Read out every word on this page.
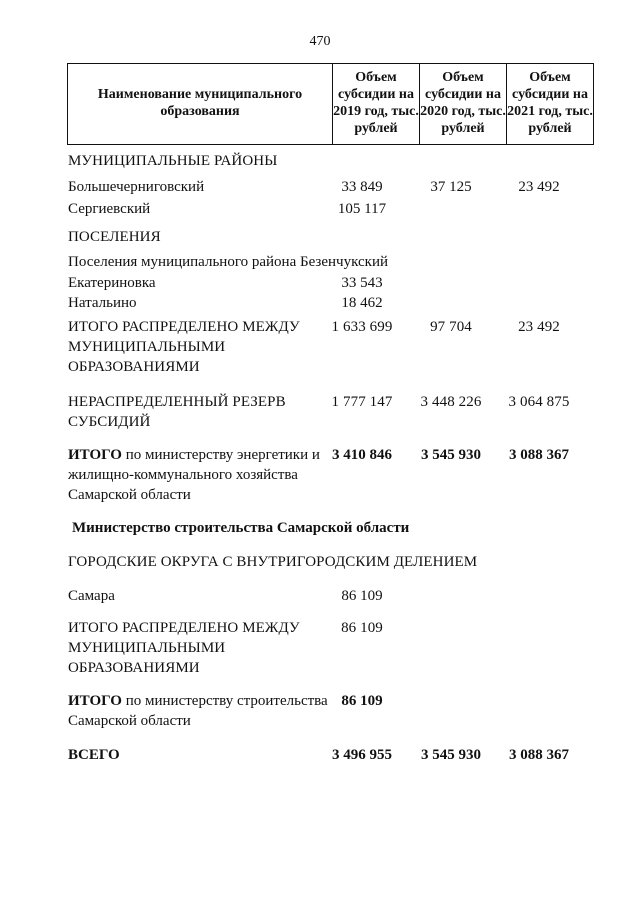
470
Наименование муниципального образования	Объем субсидии на 2019 год, тыс. рублей	Объем субсидии на 2020 год, тыс. рублей	Объем субсидии на 2021 год, тыс. рублей
МУНИЦИПАЛЬНЫЕ РАЙОНЫ
Большечерниговский	33 849	37 125	23 492
Сергиевский	105 117
ПОСЕЛЕНИЯ
Поселения муниципального района Безенчукский
Екатериновка	33 543
Натальино	18 462
ИТОГО РАСПРЕДЕЛЕНО МЕЖДУ	1 633 699	97 704	23 492
МУНИЦИПАЛЬНЫМИ
ОБРАЗОВАНИЯМИ
НЕРАСПРЕДЕЛЕННЫЙ РЕЗЕРВ	1 777 147	3 448 226	3 064 875
СУБСИДИЙ
ИТОГО по министерству энергетики и 3 410 846	3 545 930	3 088 367
жилищно-коммунального хозяйства
Самарской области
Министерство строительства Самарской области
ГОРОДСКИЕ ОКРУГА С ВНУТРИГОРОДСКИМ ДЕЛЕНИЕМ
Самара	86 109
ИТОГО РАСПРЕДЕЛЕНО МЕЖДУ	86 109
МУНИЦИПАЛЬНЫМИ
ОБРАЗОВАНИЯМИ
ИТОГО по министерству строительства 86 109
Самарской области
ВСЕГО	3 496 955	3 545 930	3 088 367
